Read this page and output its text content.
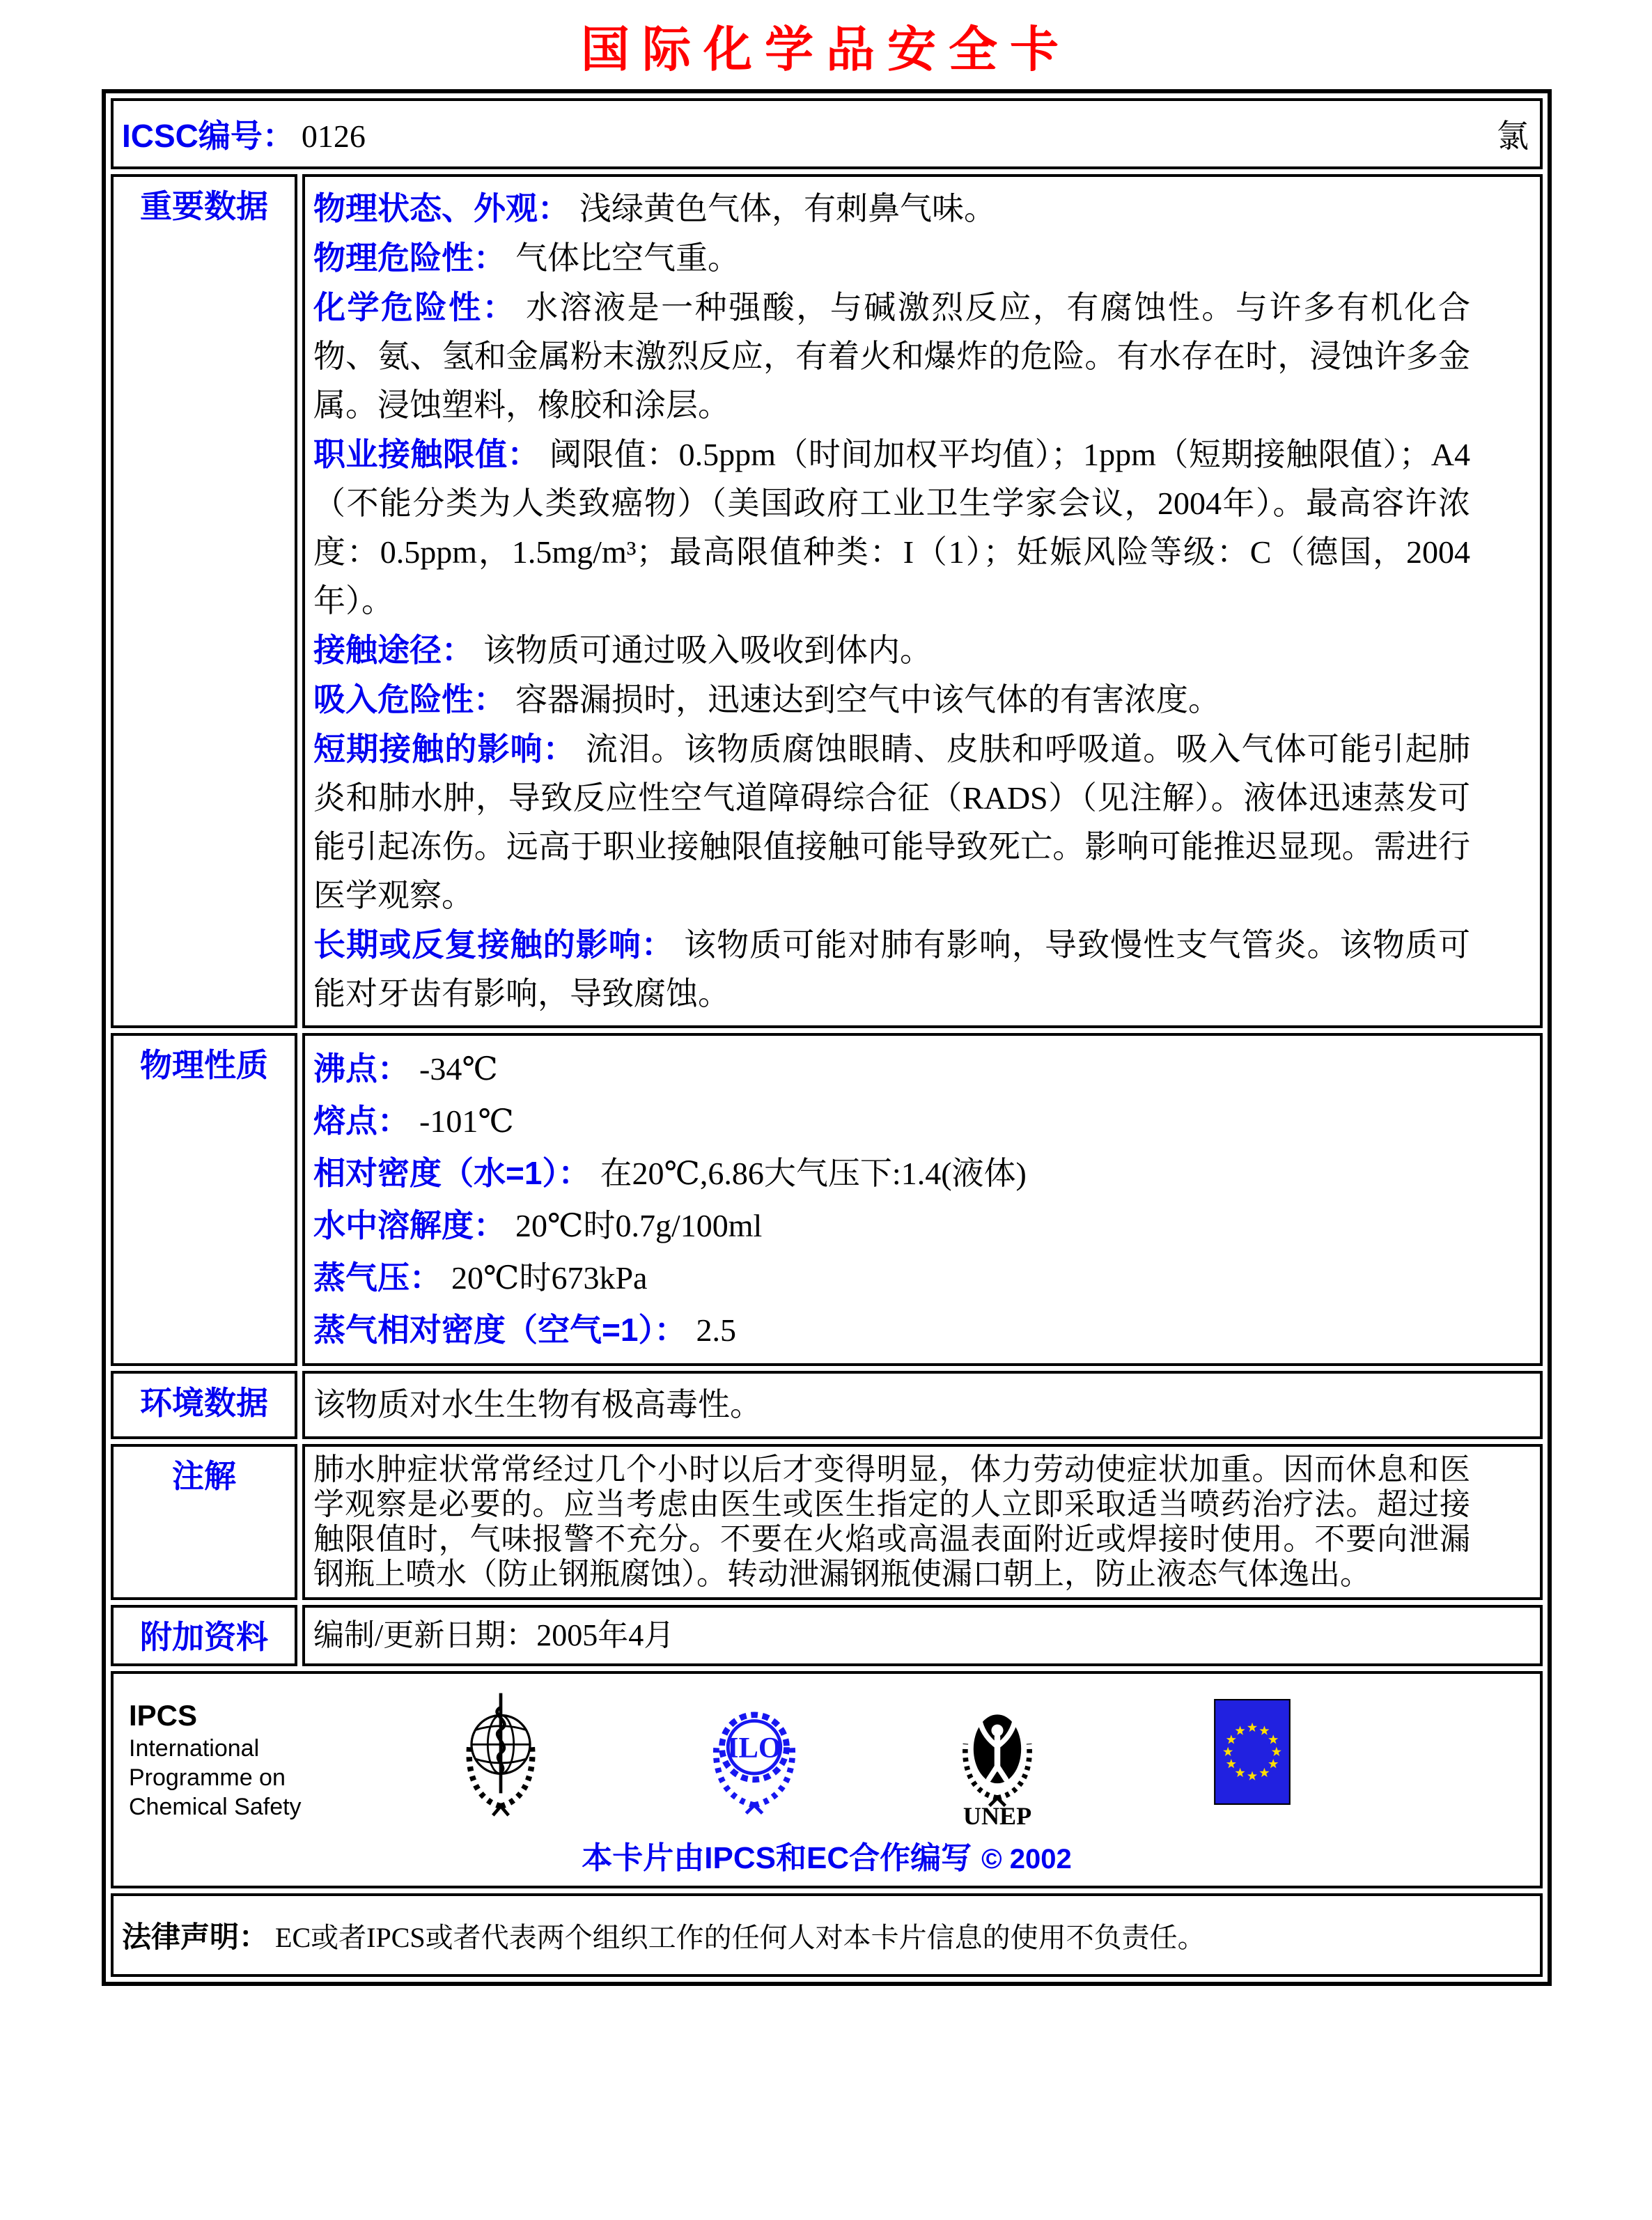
国际化学品安全卡
ICSC编号： 0126 氯	

重要数据	物理状态、外观： 浅绿黄色气体，有刺鼻气味。

物理危险性： 气体比空气重。

化学危险性： 水溶液是一种强酸，与碱激烈反应，有腐蚀性。与许多有机化合物、氨、氢和金属粉末激烈反应，有着火和爆炸的危险。有水存在时，浸蚀许多金属。浸蚀塑料，橡胶和涂层。

职业接触限值： 阈限值：0.5ppm（时间加权平均值）；1ppm（短期接触限值）；A4（不能分类为人类致癌物）（美国政府工业卫生学家会议，2004年）。最高容许浓度：0.5ppm，1.5mg/m³；最高限值种类：I（1）；妊娠风险等级：C（德国，2004年）。

接触途径： 该物质可通过吸入吸收到体内。

吸入危险性： 容器漏损时，迅速达到空气中该气体的有害浓度。

短期接触的影响： 流泪。该物质腐蚀眼睛、皮肤和呼吸道。吸入气体可能引起肺炎和肺水肿，导致反应性空气道障碍综合征（RADS）（见注解）。液体迅速蒸发可能引起冻伤。远高于职业接触限值接触可能导致死亡。影响可能推迟显现。需进行医学观察。

长期或反复接触的影响： 该物质可能对肺有影响，导致慢性支气管炎。该物质可能对牙齿有影响，导致腐蚀。

物理性质	沸点： -34℃

熔点： -101℃

相对密度（水=1）： 在20℃,6.86大气压下:1.4(液体)

水中溶解度： 20℃时0.7g/100ml

蒸气压： 20℃时673kPa

蒸气相对密度（空气=1）： 2.5

环境数据	该物质对水生生物有极高毒性。
注解	肺水肿症状常常经过几个小时以后才变得明显，体力劳动使症状加重。因而休息和医学观察是必要的。应当考虑由医生或医生指定的人立即采取适当喷药治疗法。超过接触限值时，气味报警不充分。不要在火焰或高温表面附近或焊接时使用。不要向泄漏钢瓶上喷水（防止钢瓶腐蚀）。转动泄漏钢瓶使漏口朝上，防止液态气体逸出。
附加资料	编制/更新日期：2005年4月

IPCS
International
Programme on
Chemical Safety
ILO
UNEP
本卡片由IPCS和EC合作编写 © 2002

法律声明： EC或者IPCS或者代表两个组织工作的任何人对本卡片信息的使用不负责任。	
